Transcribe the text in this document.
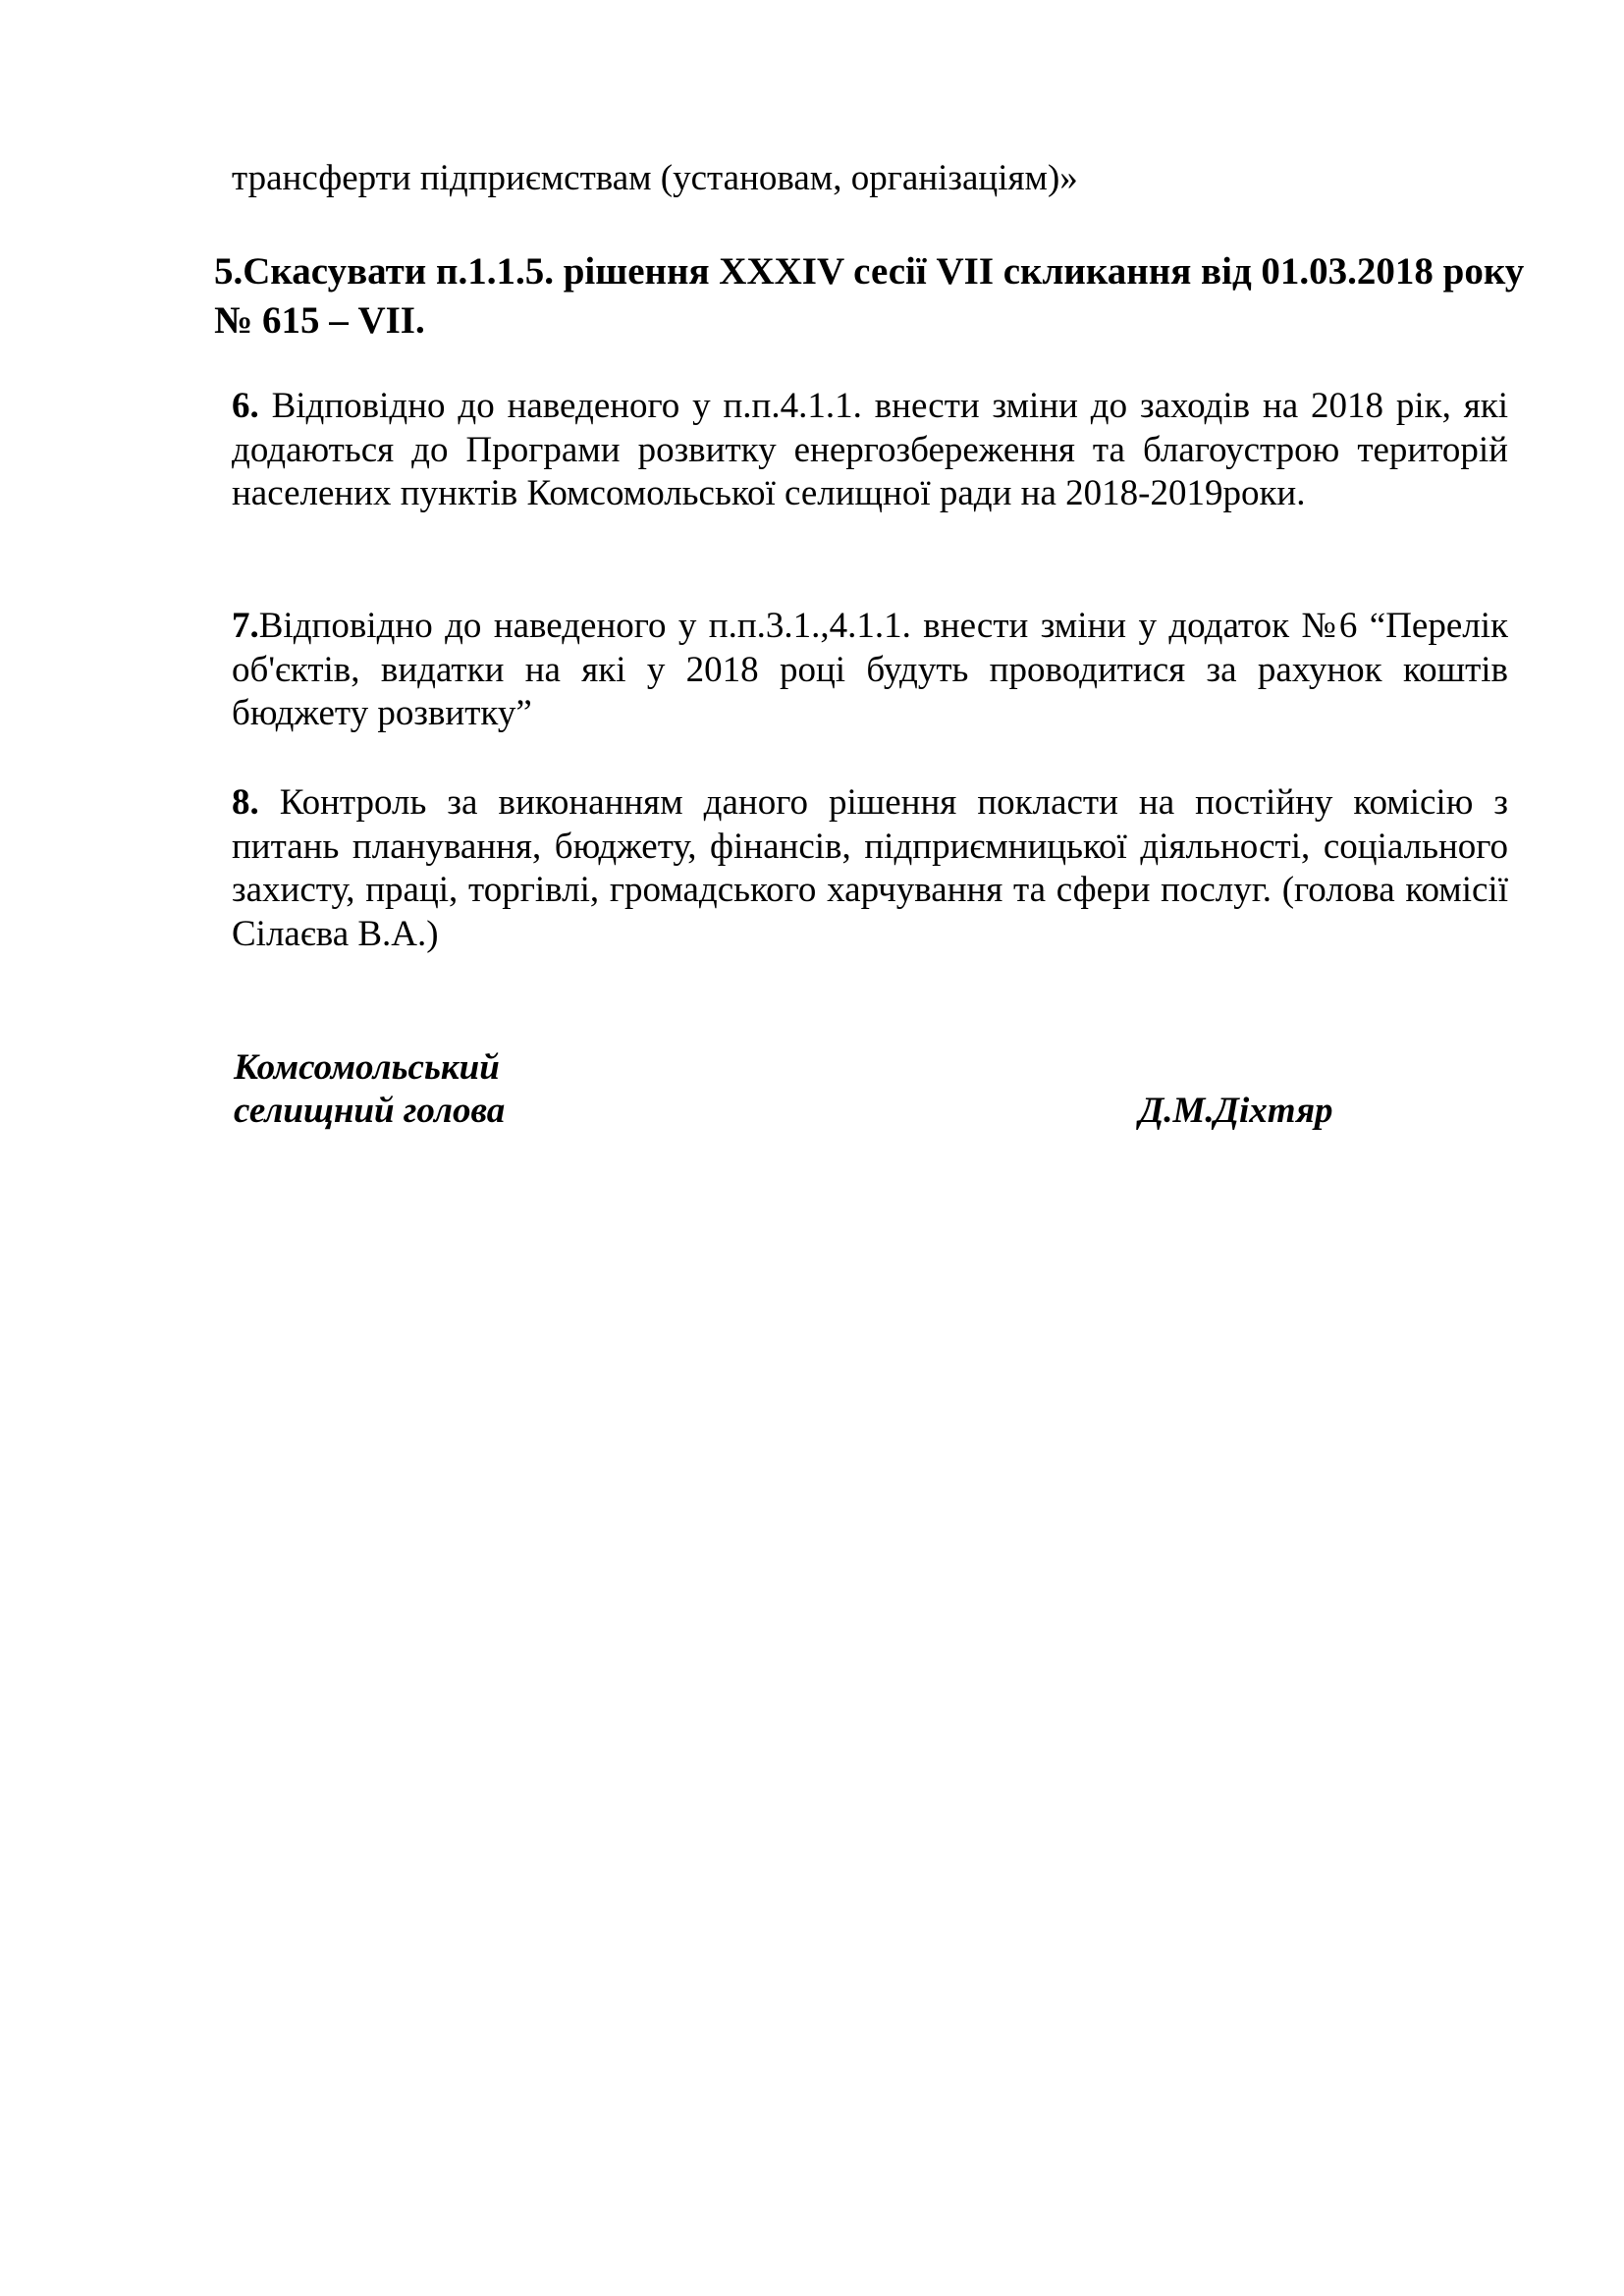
трансферти підприємствам (установам, організаціям)»
5.Скасувати п.1.1.5. рішення XXXIV сесії VII скликання від 01.03.2018 року № 615 – VII.
6. Відповідно до наведеного у п.п.4.1.1. внести зміни до заходів на 2018 рік, які додаються до Програми розвитку енергозбереження та благоустрою територій населених пунктів Комсомольської селищної ради на 2018-2019роки.
7.Відповідно до наведеного у п.п.3.1.,4.1.1. внести зміни у додаток №6 “Перелік об'єктів, видатки на які у 2018 році будуть проводитися за рахунок коштів бюджету розвитку”
8. Контроль за виконанням даного рішення покласти на постійну комісію з питань планування, бюджету, фінансів, підприємницької діяльності, соціального захисту, праці, торгівлі, громадського харчування та сфери послуг. (голова комісії Сілаєва В.А.)
Комсомольський
селищний голова	Д.М.Діхтяр
